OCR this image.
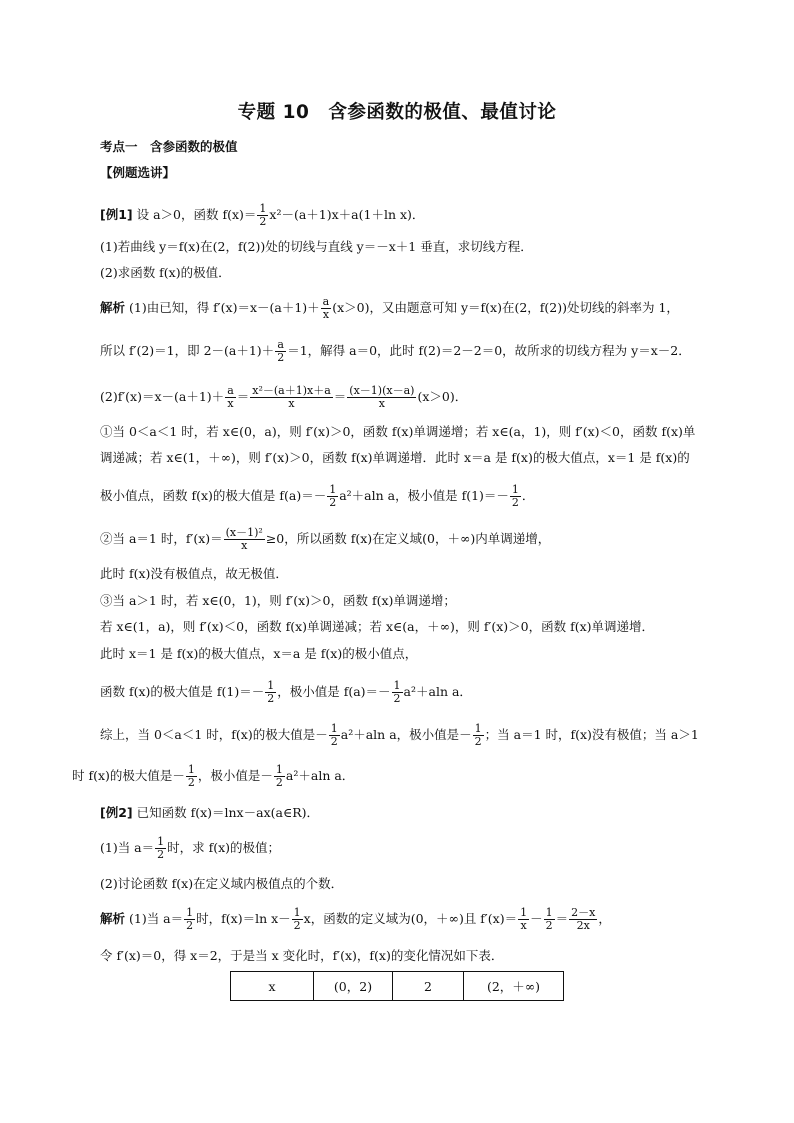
专题 10　含参函数的极值、最值讨论
考点一　含参函数的极值
【例题选讲】
[例1] 设 a＞0，函数 $f(x)= \frac{1}{2} x^2-(a+1)x+a(1+\ln$ x)．
(1)若曲线 y＝f(x)在(2，f(2))处的切线与直线 y＝－x＋1 垂直，求切线方程．
(2)求函数 f(x)的极值．
解析 (1)由已知，得 $f'(x)=x-(a+1)+ \frac{a}{x} (x>0)$，又由题意可知 y＝f(x)在(2，f(2))处切线的斜率为 1，
所以 f′(2)＝1，即 $2-(a+1)+ \frac{a}{2} =1$，解得 a＝0，此时 f(2)＝2－2＝0，故所求的切线方程为 y＝x－2．
$(2)f'(x)=x-(a+1)+ \frac{a}{x} = \frac{\text{x²－(a＋1)x＋a}}{x} = \frac{(x-1)(x-a)}{x} (x>0)$．
①当 0＜a＜1 时，若 x∈(0，a)，则 f′(x)＞0，函数 f(x)单调递增；若 x∈(a，1)，则 f′(x)＜0，函数 f(x)单
调递减；若 x∈(1，＋∞)，则 f′(x)＞0，函数 f(x)单调递增．此时 x＝a 是 f(x)的极大值点，x＝1 是 f(x)的
极小值点，函数 f(x)的极大值是 $f(a)=- \frac{1}{2} a^2+aln$ a，极小值是 $f(1)=- \frac{1}{2}$ ．
②当 a＝1 时，$f'(x)= \frac{\text{(x－1)²}}{x} \ge 0$，所以函数 f(x)在定义域(0，＋∞)内单调递增，
此时 f(x)没有极值点，故无极值．
③当 a＞1 时，若 x∈(0，1)，则 f′(x)＞0，函数 f(x)单调递增；
若 x∈(1，a)，则 f′(x)＜0，函数 f(x)单调递减；若 x∈(a，＋∞)，则 f′(x)＞0，函数 f(x)单调递增．
此时 x＝1 是 f(x)的极大值点，x＝a 是 f(x)的极小值点，
函数 f(x)的极大值是 $f(1)=- \frac{1}{2}$ ，极小值是 $f(a)=- \frac{1}{2} a^2+aln$ a．
综上，当 0＜a＜1 时，f(x)的极大值是－ $\frac{1}{2} a^2+aln$ a，极小值是－ $\frac{1}{2}$ ；当 a＝1 时，f(x)没有极值；当 a＞1
时 f(x)的极大值是－ $\frac{1}{2}$ ，极小值是－ $\frac{1}{2} a^2+aln$ a．
[例2] 已知函数 f(x)＝lnx－ax(a∈R)．
(1)当 $a= \frac{1}{2}$ 时，求 f(x)的极值；
(2)讨论函数 f(x)在定义域内极值点的个数．
解析 (1)当 $a= \frac{1}{2}$ 时，f(x)＝ln $x- \frac{1}{2}$ x，函数的定义域为(0，＋∞)且 $f'(x)= \frac{1}{x} - \frac{1}{2} = \frac{2-x}{2x}$ ，
令 f′(x)＝0，得 x＝2，于是当 x 变化时，f′(x)，f(x)的变化情况如下表．
x	(0，2)	2	(2，＋∞)
